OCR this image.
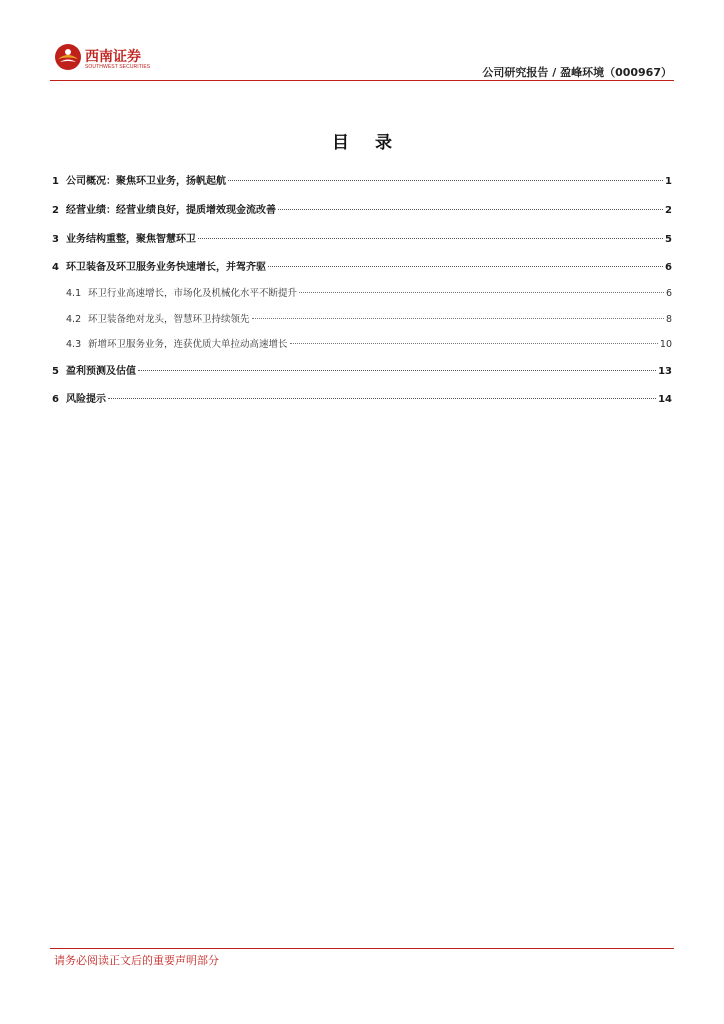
西南证券
SOUTHWEST SECURITIES	公司研究报告 / 盈峰环境（000967）
目 录
1 公司概况：聚焦环卫业务，扬帆起航	1
2 经营业绩：经营业绩良好，提质增效现金流改善	2
3 业务结构重整，聚焦智慧环卫	5
4 环卫装备及环卫服务业务快速增长，并驾齐驱	6
4.1 环卫行业高速增长，市场化及机械化水平不断提升	6
4.2 环卫装备绝对龙头，智慧环卫持续领先	8
4.3 新增环卫服务业务，连获优质大单拉动高速增长	10
5 盈利预测及估值	13
6 风险提示	14
请务必阅读正文后的重要声明部分
